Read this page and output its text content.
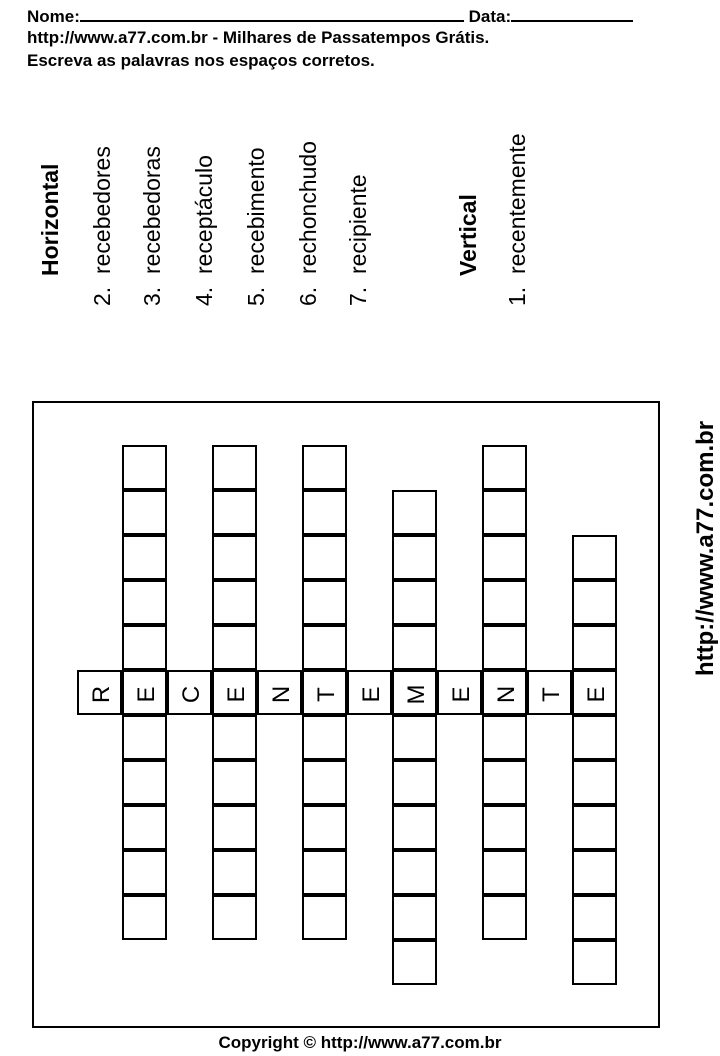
Nome:	Data:
http://www.a77.com.br - Milhares de Passatempos Grátis.
Escreva as palavras nos espaços corretos.
Horizontal
2.  recebedores
3.  recebedoras
4.  receptáculo
5.  recebimento
6.  rechonchudo
7.  recipiente	Vertical
1.  recentemente
R E C E N T E M E N T E
http://www.a77.com.br
Copyright © http://www.a77.com.br
